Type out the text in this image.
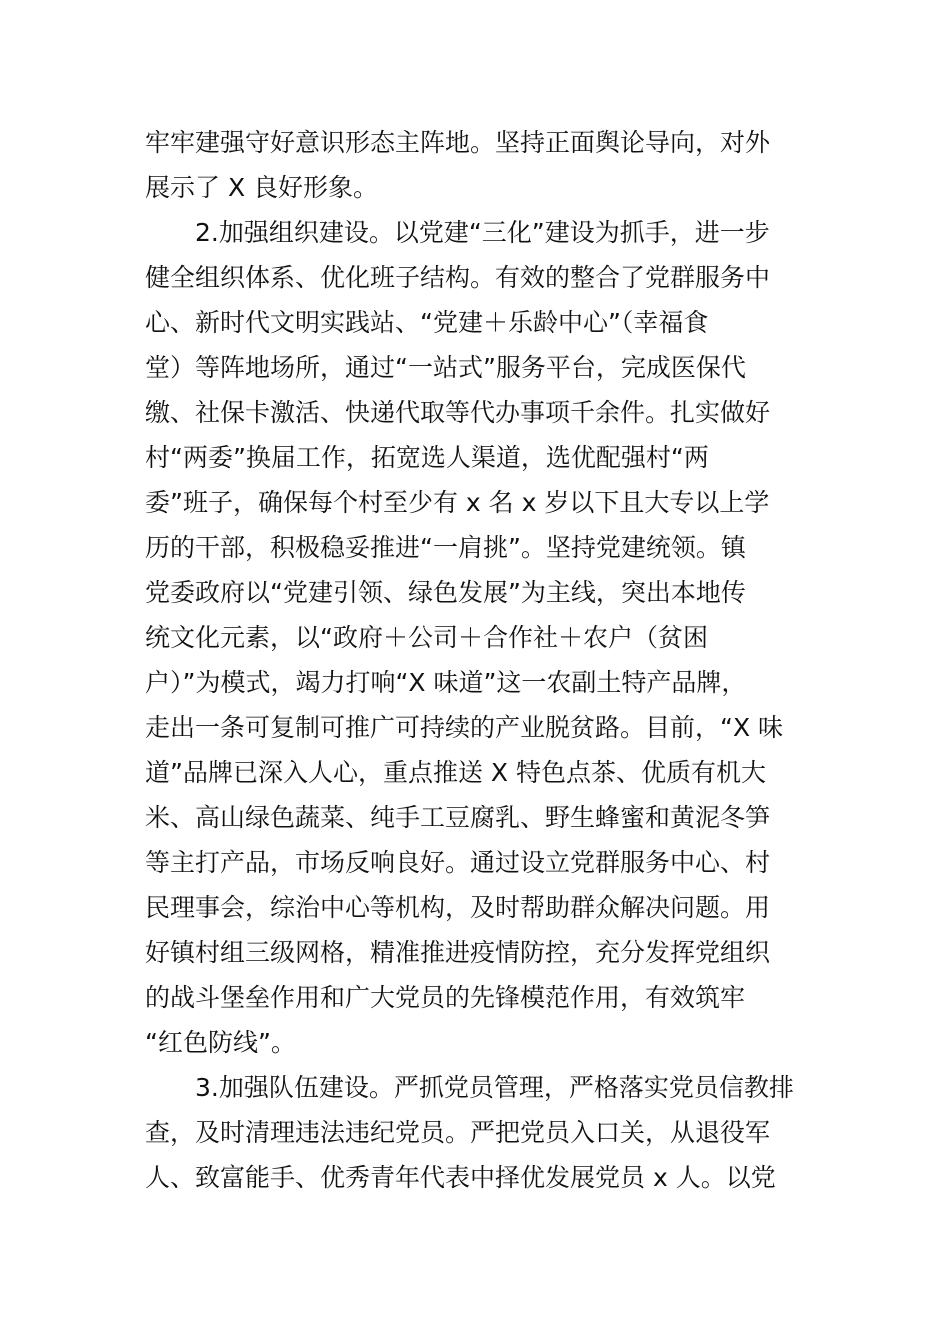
牢牢建强守好意识形态主阵地。坚持正面舆论导向，对外
展示了 X 良好形象。
2.加强组织建设。以党建“三化”建设为抓手，进一步
健全组织体系、优化班子结构。有效的整合了党群服务中
心、新时代文明实践站、“党建＋乐龄中心”（幸福食
堂）等阵地场所，通过“一站式”服务平台，完成医保代
缴、社保卡激活、快递代取等代办事项千余件。扎实做好
村“两委”换届工作，拓宽选人渠道，选优配强村“两
委”班子，确保每个村至少有 x 名 x 岁以下且大专以上学
历的干部，积极稳妥推进“一肩挑”。坚持党建统领。镇
党委政府以“党建引领、绿色发展”为主线，突出本地传
统文化元素，以“政府＋公司＋合作社＋农户（贫困
户）”为模式，竭力打响“X 味道”这一农副土特产品牌，
走出一条可复制可推广可持续的产业脱贫路。目前，“X 味
道”品牌已深入人心，重点推送 X 特色点茶、优质有机大
米、高山绿色蔬菜、纯手工豆腐乳、野生蜂蜜和黄泥冬笋
等主打产品，市场反响良好。通过设立党群服务中心、村
民理事会，综治中心等机构，及时帮助群众解决问题。用
好镇村组三级网格，精准推进疫情防控，充分发挥党组织
的战斗堡垒作用和广大党员的先锋模范作用，有效筑牢
“红色防线”。
3.加强队伍建设。严抓党员管理，严格落实党员信教排
查，及时清理违法违纪党员。严把党员入口关，从退役军
人、致富能手、优秀青年代表中择优发展党员 x 人。以党
